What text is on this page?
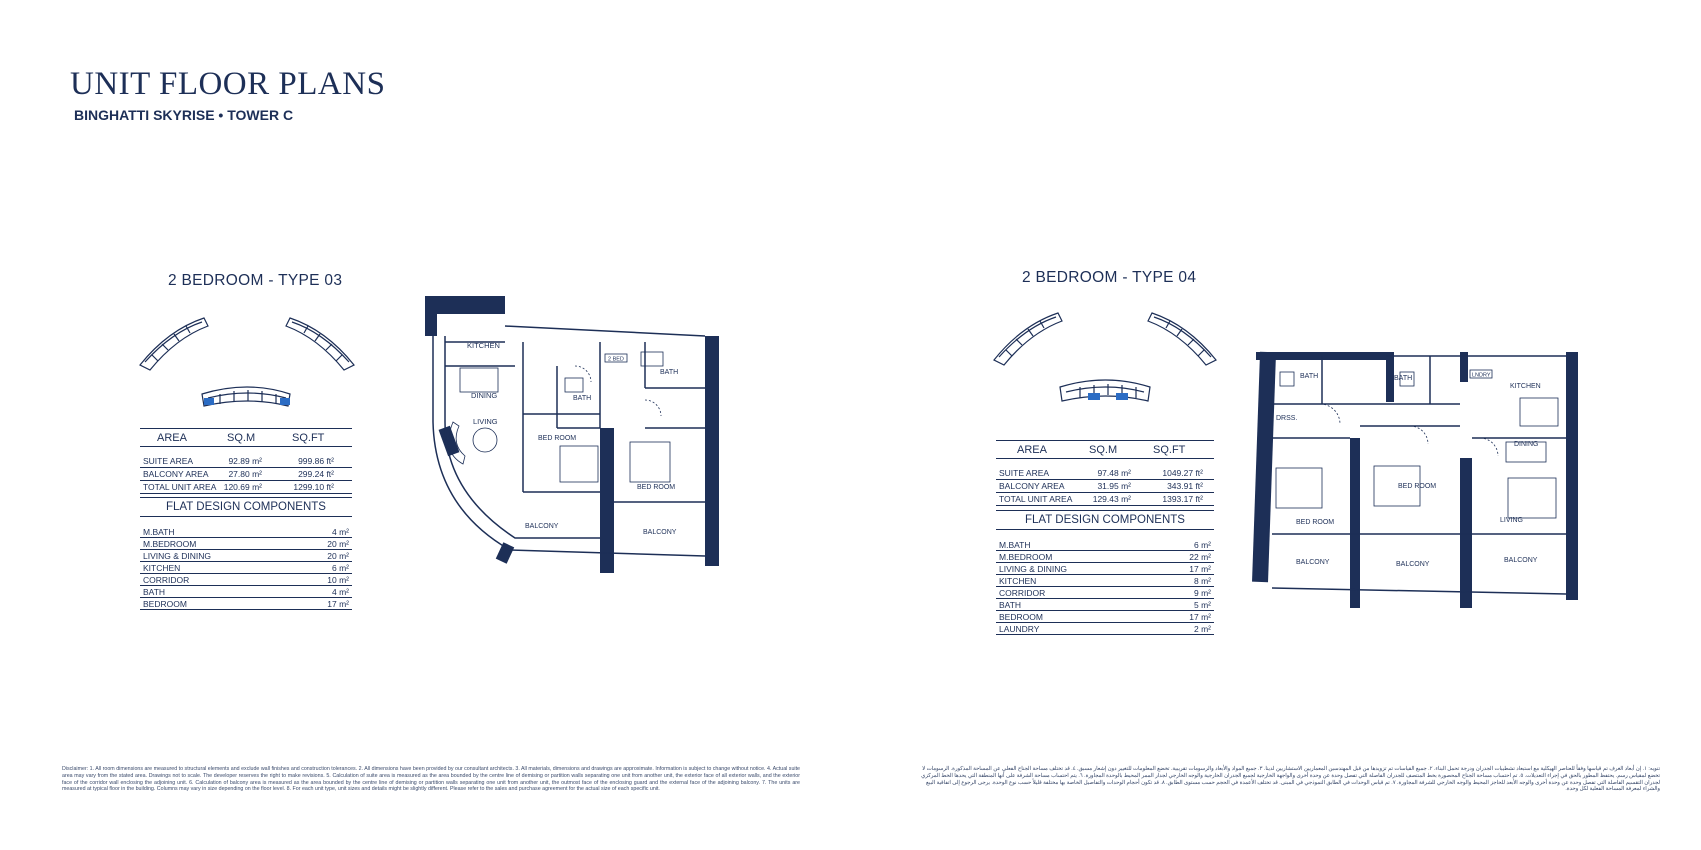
UNIT FLOOR PLANS
BINGHATTI SKYRISE • TOWER C
2 BEDROOM - TYPE 03
AREA	SQ.M	SQ.FT
SUITE AREA	92.89 m²	999.86 ft²
BALCONY AREA	27.80 m²	299.24 ft²
TOTAL UNIT AREA 120.69 m²	1299.10 ft²
FLAT DESIGN COMPONENTS
M.BATH	4 m²
M.BEDROOM	20 m²
LIVING & DINING	20 m²
KITCHEN	6 m²
CORRIDOR	10 m²
BATH	4 m²
BEDROOM	17 m²
KITCHEN
DINING
LIVING
BATH
BATH
BED ROOM
BED ROOM
BALCONY
BALCONY
2 BED
2 BEDROOM - TYPE 04
AREA	SQ.M	SQ.FT
SUITE AREA	97.48 m²	1049.27 ft²
BALCONY AREA	31.95 m²	343.91 ft²
TOTAL UNIT AREA	129.43 m²	1393.17 ft²
FLAT DESIGN COMPONENTS
M.BATH	6 m²
M.BEDROOM	22 m²
LIVING & DINING	17 m²
KITCHEN	8 m²
CORRIDOR	9 m²
BATH	5 m²
BEDROOM	17 m²
LAUNDRY	2 m²
BATH	BATH	LNDRY
KITCHEN
DRSS.
DINING
BED ROOM
BED ROOM
LIVING
BALCONY	BALCONY
BALCONY
Disclaimer: 1. All room dimensions are measured to structural elements and exclude wall finishes and construction tolerances. 2. All dimensions have been provided by our consultant architects. 3. All materials, dimensions and drawings are approximate. Information is subject to change without notice. 4. Actual suite area may vary from the stated area. Drawings not to scale. The developer reserves the right to make revisions. 5. Calculation of suite area is measured as the area bounded by the centre line of demising or partition walls separating one unit from another unit, the exterior face of all exterior walls, and the exterior face of the corridor wall enclosing the adjoining unit. 6. Calculation of balcony area is measured as the area bounded by the centre line of demising or partition walls separating one unit from another unit, the outmost face of the enclosing guard and the external face of the adjoining balcony. 7. The units are measured at typical floor in the building. Columns may vary in size depending on the floor level. 8. For each unit type, unit sizes and details might be slightly different. Please refer to the sales and purchase agreement for the actual size of each specific unit.
تنويه: ١. إن أبعاد الغرف تم قياسها وفقاً للعناصر الهيكلية مع استبعاد تشطيبات الجدران ودرجة تحمل البناء. ٢. جميع القياسات تم تزويدها من قبل المهندسين المعماريين الاستشاريين لدينا. ٣. جميع المواد والأبعاد والرسومات تقريبية. تخضع المعلومات للتغيير دون إشعار مسبق. ٤. قد تختلف مساحة الجناح الفعلي عن المساحة المذكورة. الرسومات لا تخضع لمقياس رسم. يحتفظ المطور بالحق في إجراء التعديلات. ٥. تم احتساب مساحة الجناح المحصورة بخط المنتصف للجدران الفاصلة التي تفصل وحدة عن وحدة أخرى والواجهة الخارجية لجميع الجدران الخارجية والوجه الخارجي لجدار الممر المحيط بالوحدة المجاورة. ٦. يتم احتساب مساحة الشرفة على أنها المنطقة التي يحدها الخط المركزي لجدران التقسيم الفاصلة التي تفصل وحدة عن وحدة أخرى والوجه الأبعد للحاجز المحيط والوجه الخارجي للشرفة المجاورة. ٧. تم قياس الوحدات في الطابق النموذجي في المبنى. قد تختلف الأعمدة في الحجم حسب مستوى الطابق. ٨. قد تكون أحجام الوحدات والتفاصيل الخاصة بها مختلفة قليلاً حسب نوع الوحدة. يرجى الرجوع إلى اتفاقية البيع والشراء لمعرفة المساحة الفعلية لكل وحدة.
